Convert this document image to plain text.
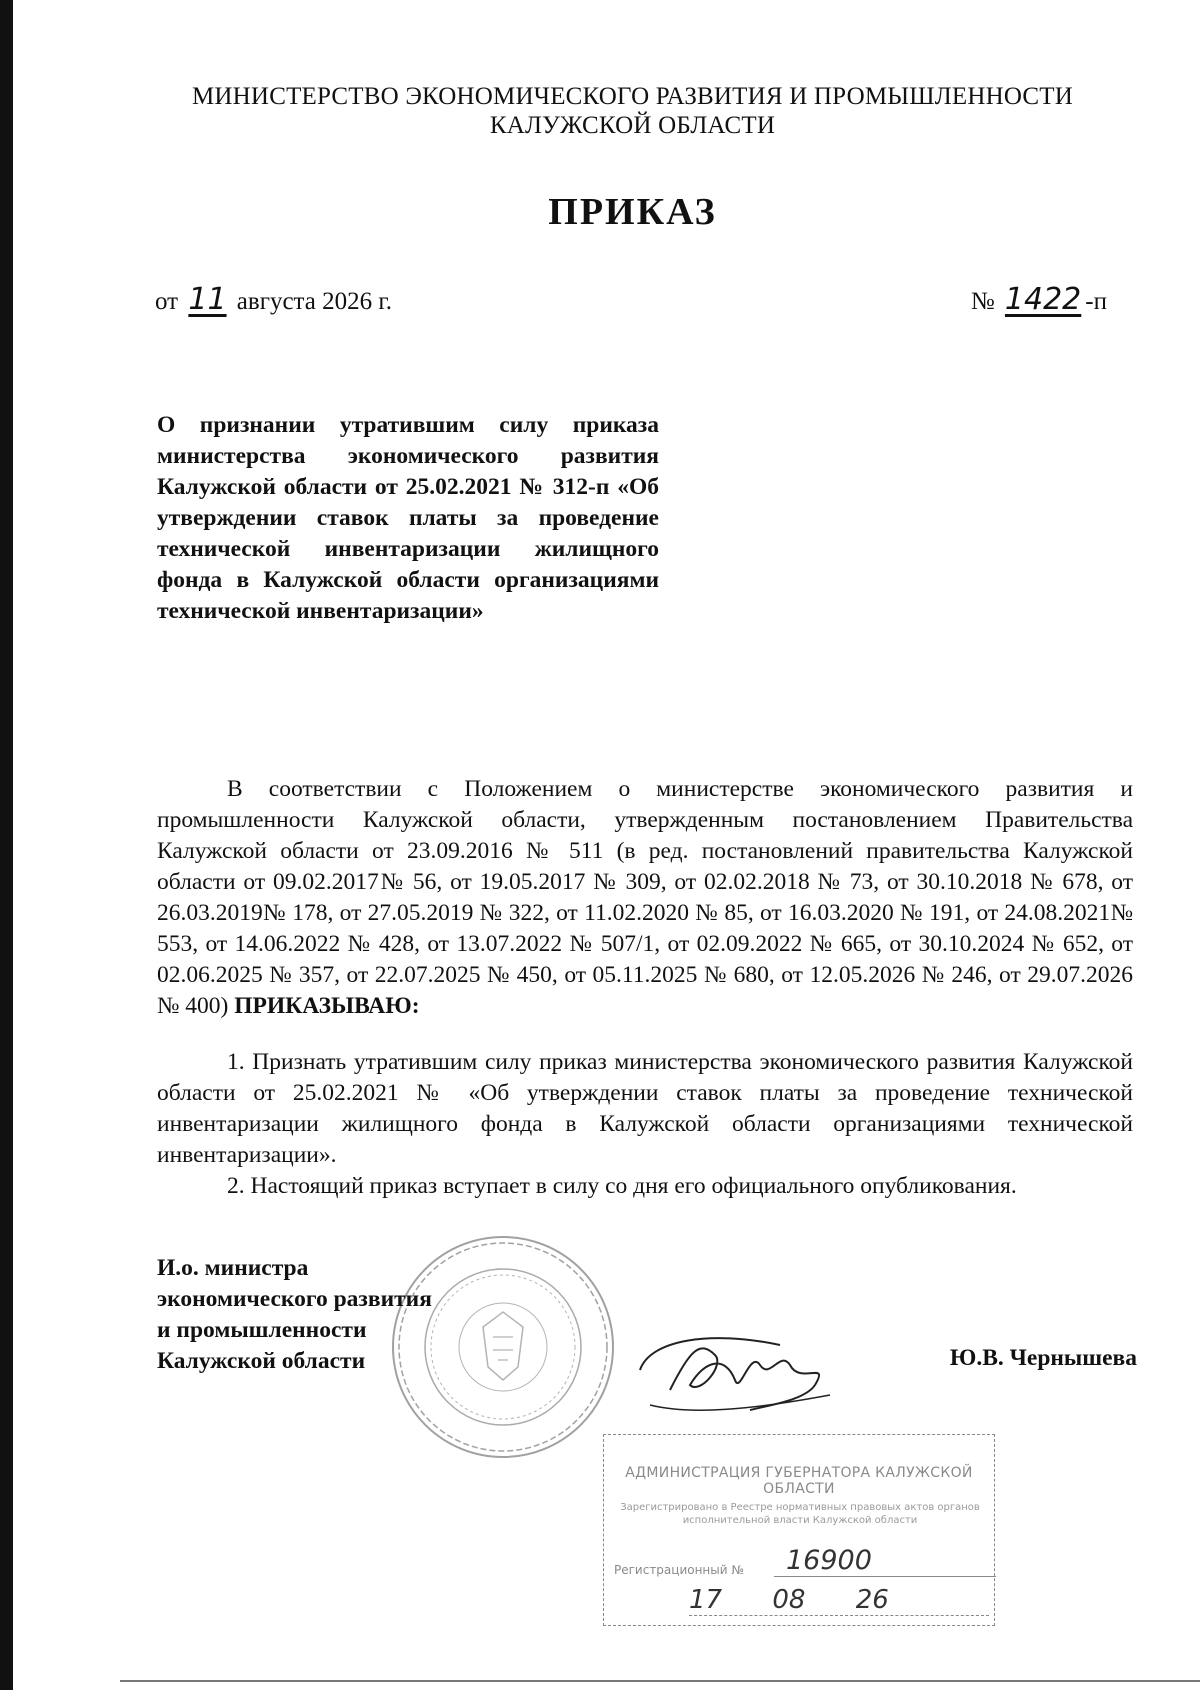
МИНИСТЕРСТВО ЭКОНОМИЧЕСКОГО РАЗВИТИЯ И ПРОМЫШЛЕННОСТИ
КАЛУЖСКОЙ ОБЛАСТИ
ПРИКАЗ
от 11 августа 2026 г.	№ 1422 -п

О признании утратившим силу приказа министерства экономического развития Калужской области от 25.02.2021 № 312-п «Об утверждении ставок платы за проведение технической инвентаризации жилищного фонда в Калужской области организациями технической инвентаризации»

В соответствии с Положением о министерстве экономического развития и промышленности Калужской области, утвержденным постановлением Правительства Калужской области от 23.09.2016 № 511 (в ред. постановлений правительства Калужской области от 09.02.2017№ 56, от 19.05.2017 № 309, от 02.02.2018 № 73, от 30.10.2018 № 678, от 26.03.2019№ 178, от 27.05.2019 № 322, от 11.02.2020 № 85, от 16.03.2020 № 191, от 24.08.2021№ 553, от 14.06.2022 № 428, от 13.07.2022 № 507/1, от 02.09.2022 № 665, от 30.10.2024 № 652, от 02.06.2025 № 357, от 22.07.2025 № 450, от 05.11.2025 № 680, от 12.05.2026 № 246, от 29.07.2026 № 400) ПРИКАЗЫВАЮ:

1. Признать утратившим силу приказ министерства экономического развития Калужской области от 25.02.2021 № «Об утверждении ставок платы за проведение технической инвентаризации жилищного фонда в Калужской области организациями технической инвентаризации».

2. Настоящий приказ вступает в силу со дня его официального опубликования.

И.о. министра
экономического развития
и промышленности
Калужской области	Ю.В. Чернышева
АДМИНИСТРАЦИЯ ГУБЕРНАТОРА КАЛУЖСКОЙ ОБЛАСТИ
Зарегистрировано в Реестре нормативных правовых актов органов исполнительной власти Калужской области
Регистрационный №	16900
17 08 26
